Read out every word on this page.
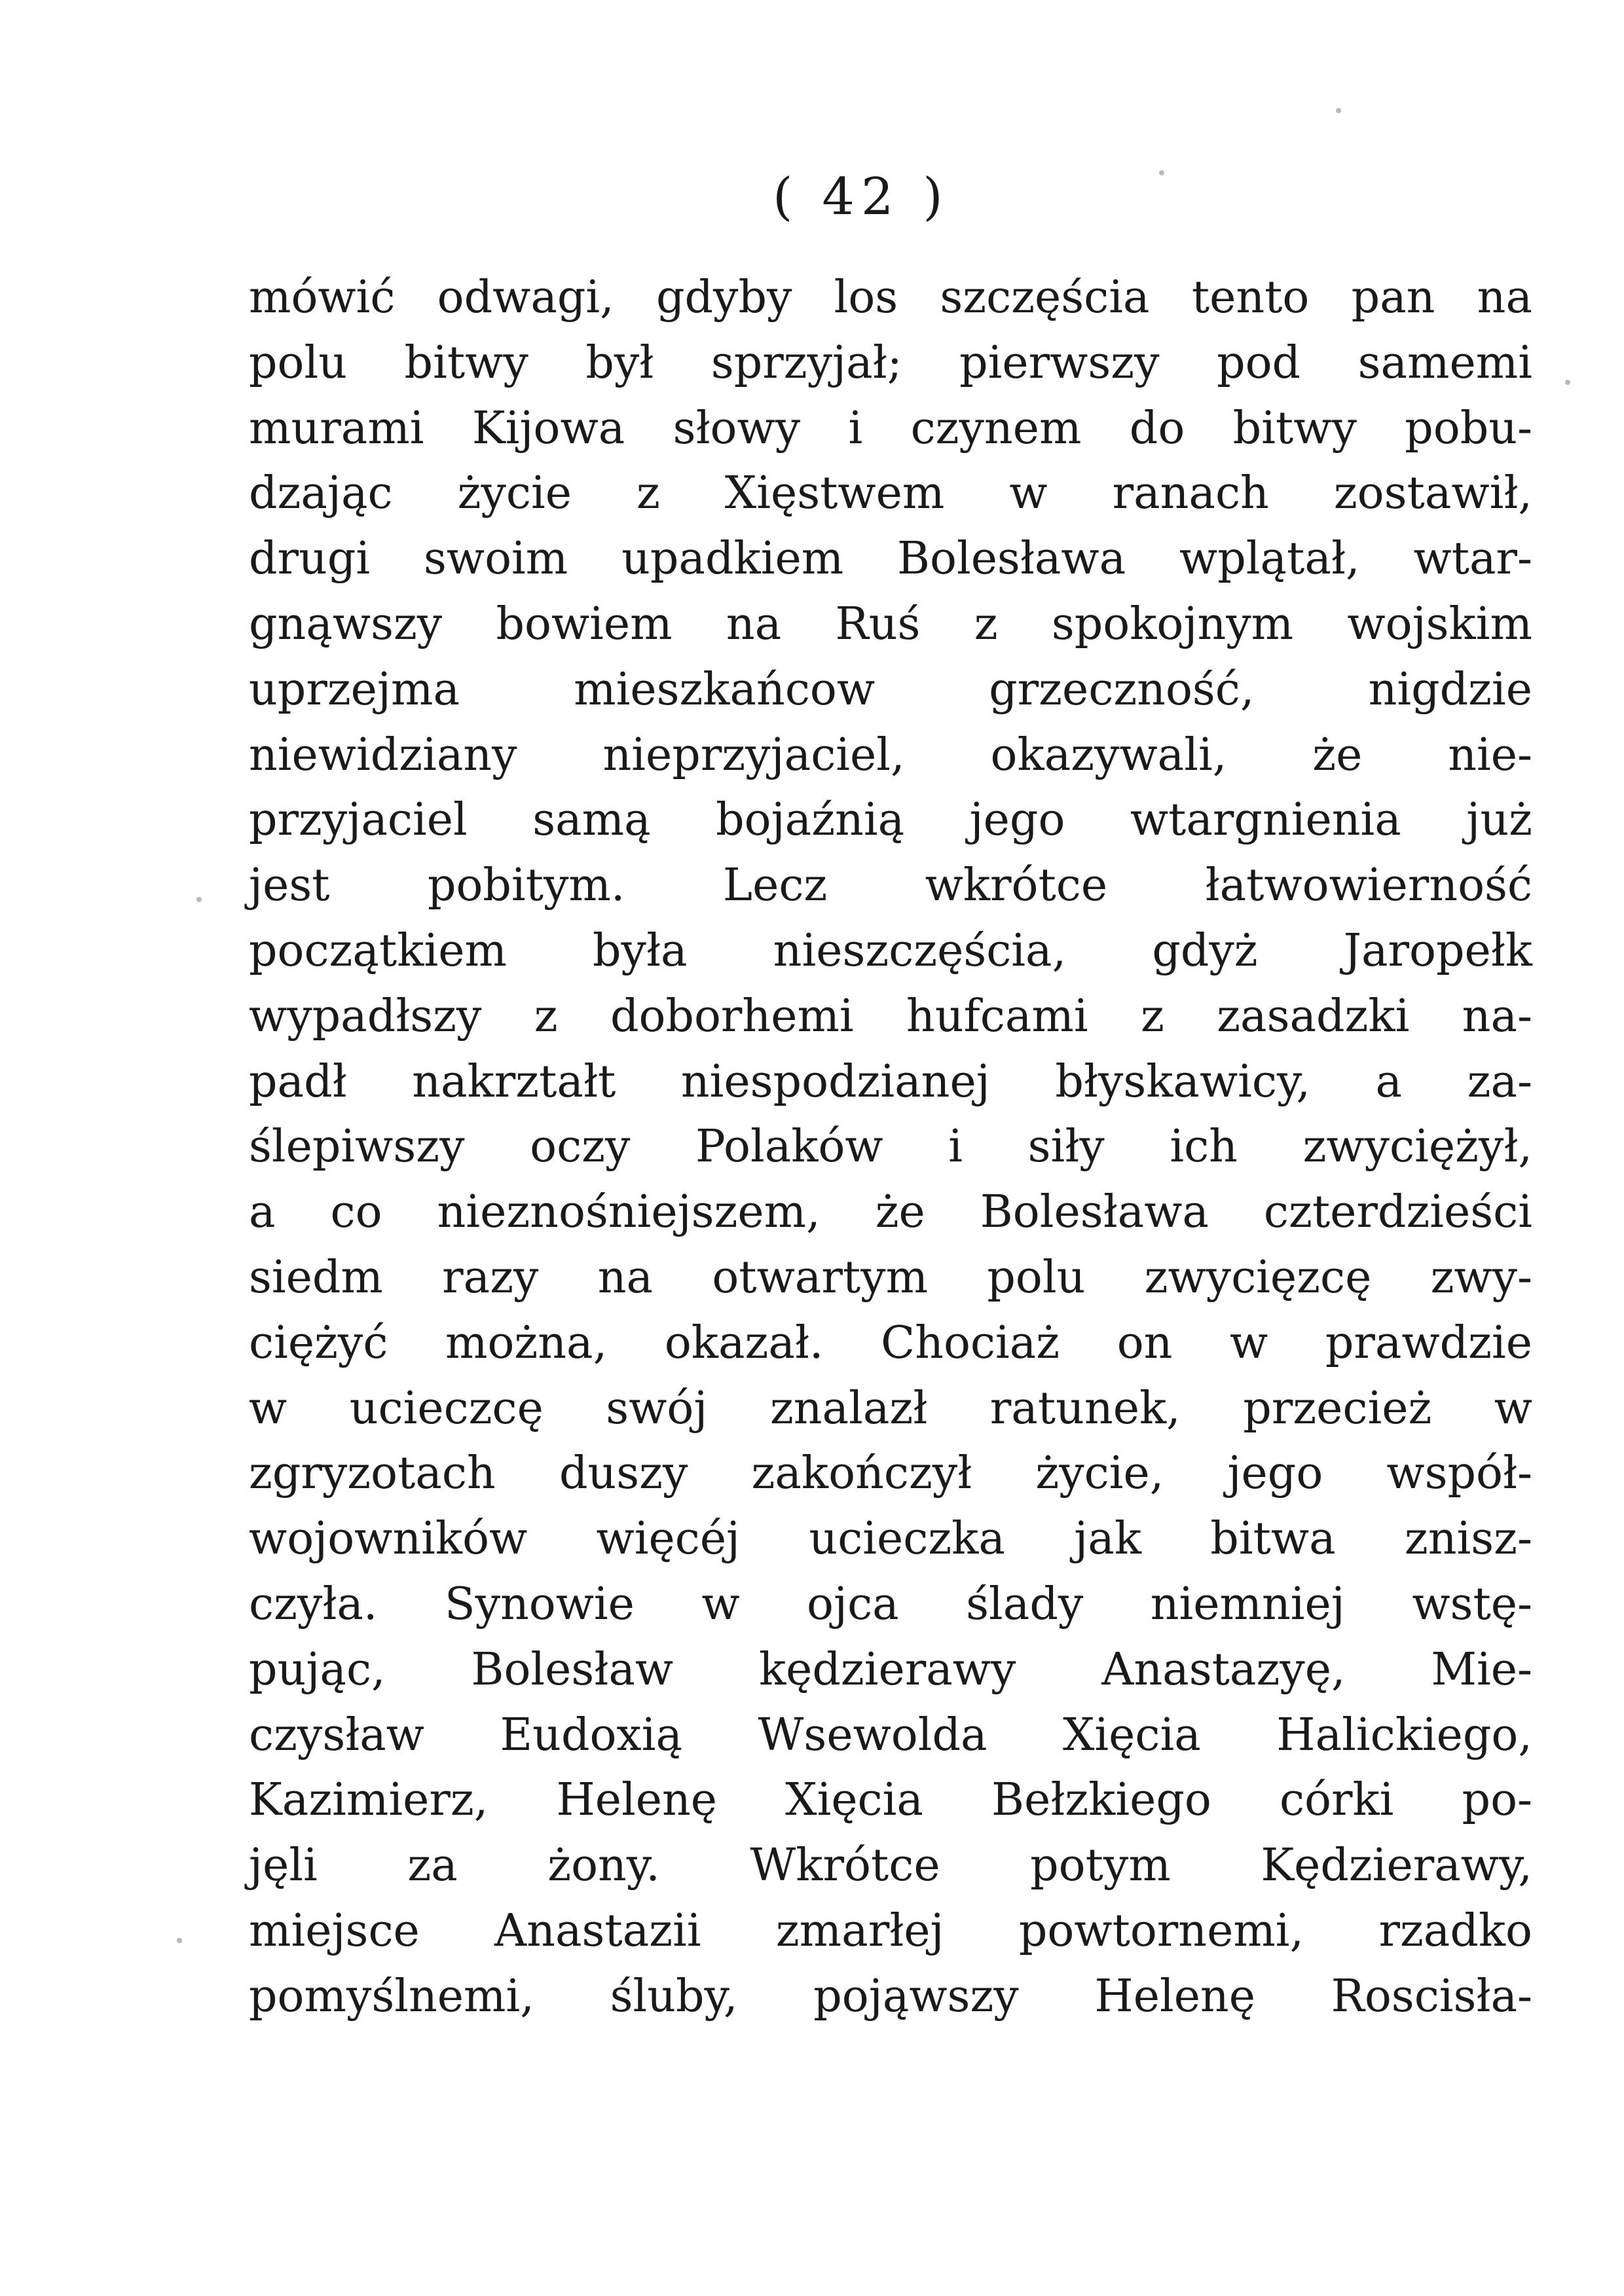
( 42 )
mówić odwagi, gdyby los szczęścia tento pan na
polu bitwy był sprzyjał; pierwszy pod samemi
murami Kijowa słowy i czynem do bitwy pobu-
dzając życie z Xięstwem w ranach zostawił,
drugi swoim upadkiem Bolesława wplątał, wtar-
gnąwszy bowiem na Ruś z spokojnym wojskim
uprzejma mieszkańcow grzeczność, nigdzie
niewidziany nieprzyjaciel, okazywali, że nie-
przyjaciel samą bojaźnią jego wtargnienia już
jest pobitym. Lecz wkrótce łatwowierność
początkiem była nieszczęścia, gdyż Jaropełk
wypadłszy z doborhemi hufcami z zasadzki na-
padł nakrztałt niespodzianej błyskawicy, a za-
ślepiwszy oczy Polaków i siły ich zwyciężył,
a co nieznośniejszem, że Bolesława czterdzieści
siedm razy na otwartym polu zwycięzcę zwy-
ciężyć można, okazał. Chociaż on w prawdzie
w ucieczcę swój znalazł ratunek, przecież w
zgryzotach duszy zakończył życie, jego współ-
wojowników więcéj ucieczka jak bitwa znisz-
czyła. Synowie w ojca ślady niemniej wstę-
pując, Bolesław kędzierawy Anastazyę, Mie-
czysław Eudoxią Wsewolda Xięcia Halickiego,
Kazimierz, Helenę Xięcia Bełzkiego córki po-
jęli za żony. Wkrótce potym Kędzierawy,
miejsce Anastazii zmarłej powtornemi, rzadko
pomyślnemi, śluby, pojąwszy Helenę Roscisła-
